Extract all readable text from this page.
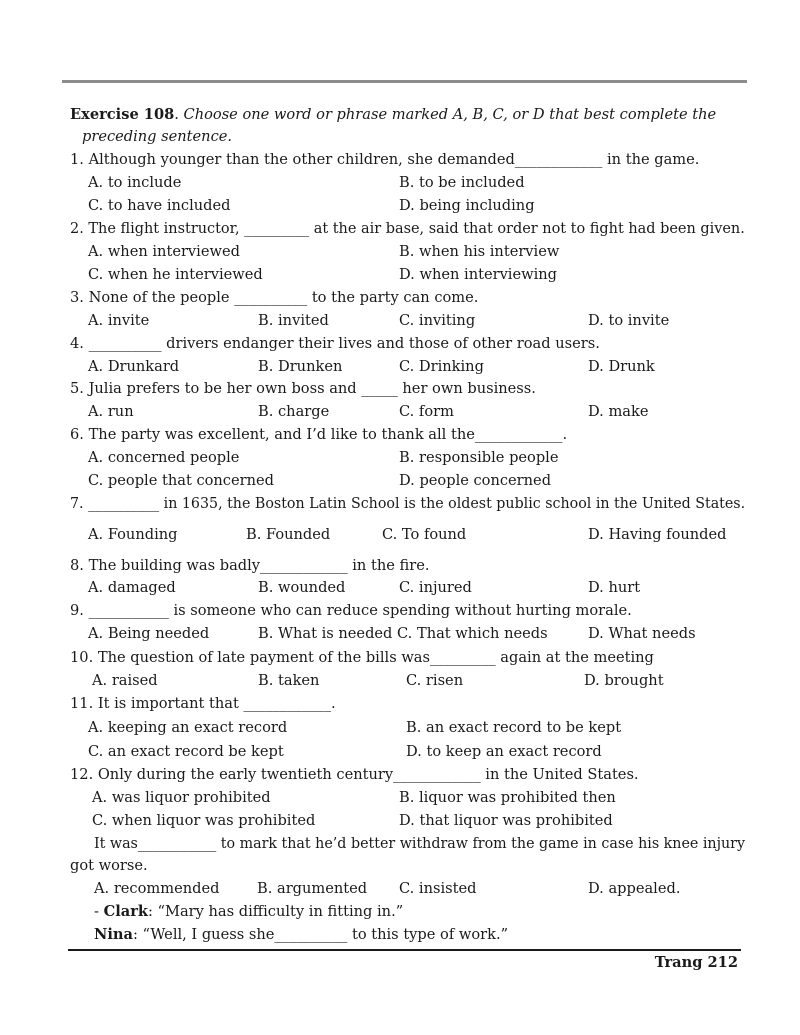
Exercise 108. Choose one word or phrase marked A, B, C, or D that best complete the
preceding sentence.
1. Although younger than the other children, she demanded____________ in the game.
A. to include	B. to be included
C. to have included	D. being including
2. The flight instructor, _________ at the air base, said that order not to fight had been given.
A. when interviewed	B. when his interview
C. when he interviewed	D. when interviewing
3. None of the people __________ to the party can come.
A. invite	B. invited	C. inviting	D. to invite
4. __________ drivers endanger their lives and those of other road users.
A. Drunkard	B. Drunken	C. Drinking	D. Drunk
5. Julia prefers to be her own boss and _____ her own business.
A. run	B. charge	C. form	D. make
6. The party was excellent, and I’d like to thank all the____________.
A. concerned people	B. responsible people
C. people that concerned	D. people concerned
7. __________ in 1635, the Boston Latin School is the oldest public school in the United States.
A. Founding	B. Founded	C. To found	D. Having founded
8. The building was badly____________ in the fire.
A. damaged	B. wounded	C. injured	D. hurt
9. ___________ is someone who can reduce spending without hurting morale.
A. Being needed	B. What is needed C. That which needs	D. What needs
10. The question of late payment of the bills was_________ again at the meeting
A. raised	B. taken	C. risen	D. brought
11. It is important that ____________.
A. keeping an exact record	B. an exact record to be kept
C. an exact record be kept	D. to keep an exact record
12. Only during the early twentieth century____________ in the United States.
A. was liquor prohibited	B. liquor was prohibited then
C. when liquor was prohibited	D. that liquor was prohibited
It was___________ to mark that he’d better withdraw from the game in case his knee injury
got worse.
A. recommended	B. argumented C. insisted	D. appealed.
- Clark: “Mary has difficulty in fitting in.”
Nina: “Well, I guess she__________ to this type of work.”
Trang 212
